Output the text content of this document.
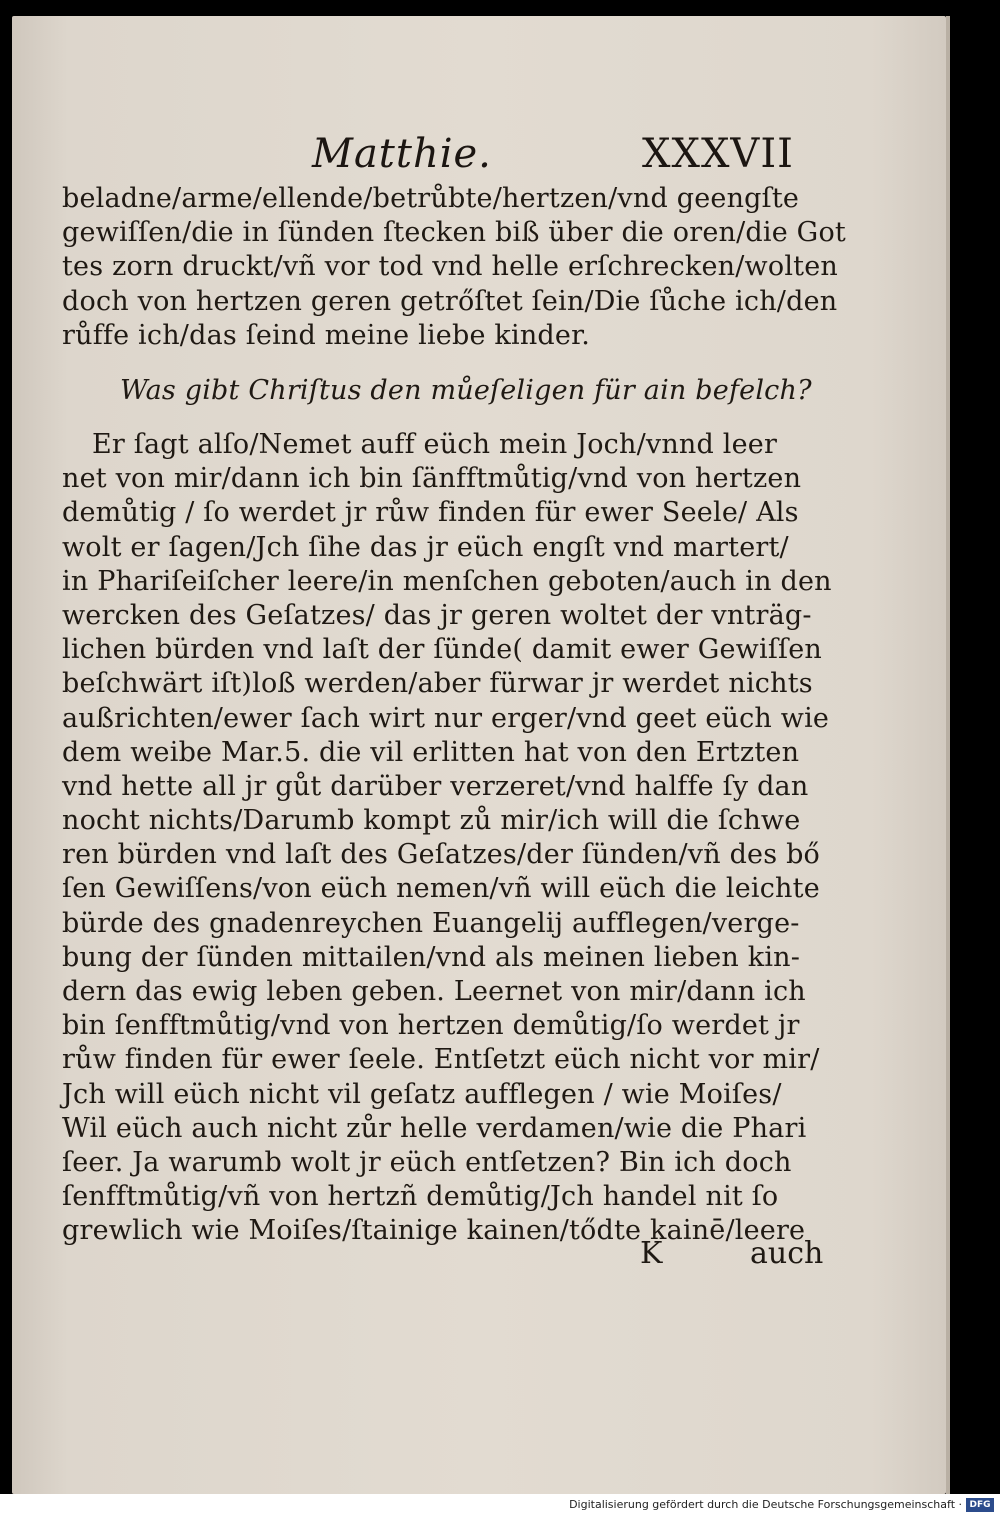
Matthie.	XXXVII
beladne/arme/ellende/betrůbte/hertzen/vnd geengſte
gewiſſen/die in ſünden ſtecken biß über die oren/die Got
tes zorn druckt/vñ vor tod vnd helle erſchrecken/wolten
doch von hertzen geren getrőſtet ſein/Die ſůche ich/den
růffe ich/das ſeind meine liebe kinder.
Was gibt Chriſtus den můeſeligen für ain befelch?
Er ſagt alſo/Nemet auff eüch mein Joch/vnnd leer
net von mir/dann ich bin ſänfftmůtig/vnd von hertzen
demůtig / ſo werdet jr růw finden für ewer Seele/ Als
wolt er ſagen/Jch ſihe das jr eüch engſt vnd martert/
in Phariſeiſcher leere/in menſchen geboten/auch in den
wercken des Geſatzes/ das jr geren woltet der vnträg-
lichen bürden vnd laſt der ſünde( damit ewer Gewiſſen
beſchwärt iſt)loß werden/aber fürwar jr werdet nichts
außrichten/ewer ſach wirt nur erger/vnd geet eüch wie
dem weibe Mar.5. die vil erlitten hat von den Ertzten
vnd hette all jr gůt darüber verzeret/vnd halffe ſy dan
nocht nichts/Darumb kompt zů mir/ich will die ſchwe
ren bürden vnd laſt des Geſatzes/der ſünden/vñ des bő
ſen Gewiſſens/von eüch nemen/vñ will eüch die leichte
bürde des gnadenreychen Euangelij aufflegen/verge-
bung der ſünden mittailen/vnd als meinen lieben kin-
dern das ewig leben geben. Leernet von mir/dann ich
bin ſenfftmůtig/vnd von hertzen demůtig/ſo werdet jr
růw finden für ewer ſeele. Entſetzt eüch nicht vor mir/
Jch will eüch nicht vil geſatz aufflegen / wie Moiſes/
Wil eüch auch nicht zůr helle verdamen/wie die Phari
ſeer. Ja warumb wolt jr eüch entſetzen? Bin ich doch
ſenfftmůtig/vñ von hertzñ demůtig/Jch handel nit ſo
grewlich wie Moiſes/ſtainige kainen/tődte kainē/leere
K	auch
Digitalisierung gefördert durch die Deutsche Forschungsgemeinschaft · DFG
